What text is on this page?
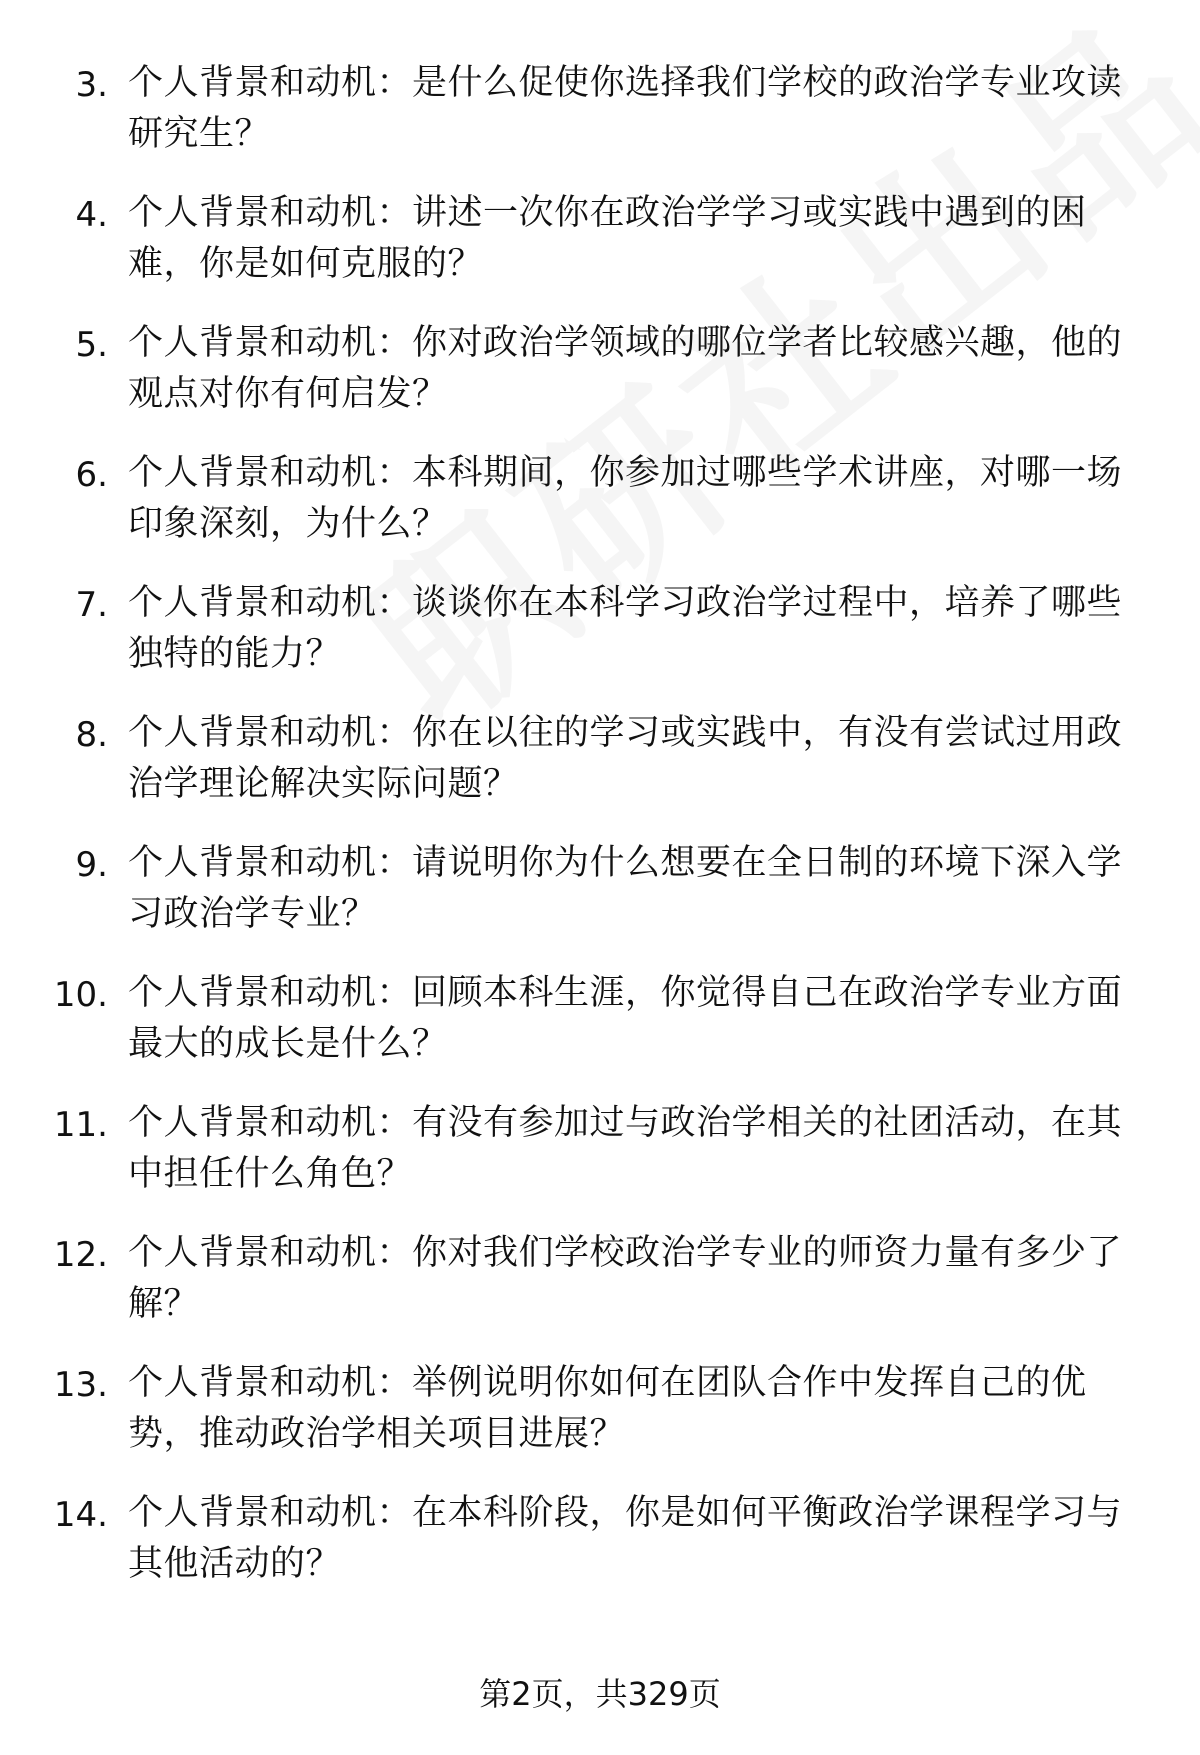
3. 个人背景和动机：是什么促使你选择我们学校的政治学专业攻读研究生？
4. 个人背景和动机：讲述一次你在政治学学习或实践中遇到的困难，你是如何克服的？
5. 个人背景和动机：你对政治学领域的哪位学者比较感兴趣，他的观点对你有何启发？
6. 个人背景和动机：本科期间，你参加过哪些学术讲座，对哪一场印象深刻，为什么？
7. 个人背景和动机：谈谈你在本科学习政治学过程中，培养了哪些独特的能力？
8. 个人背景和动机：你在以往的学习或实践中，有没有尝试过用政治学理论解决实际问题？
9. 个人背景和动机：请说明你为什么想要在全日制的环境下深入学习政治学专业？
10. 个人背景和动机：回顾本科生涯，你觉得自己在政治学专业方面最大的成长是什么？
11. 个人背景和动机：有没有参加过与政治学相关的社团活动，在其中担任什么角色？
12. 个人背景和动机：你对我们学校政治学专业的师资力量有多少了解？
13. 个人背景和动机：举例说明你如何在团队合作中发挥自己的优势，推动政治学相关项目进展？
14. 个人背景和动机：在本科阶段，你是如何平衡政治学课程学习与其他活动的？
第2页，共329页
